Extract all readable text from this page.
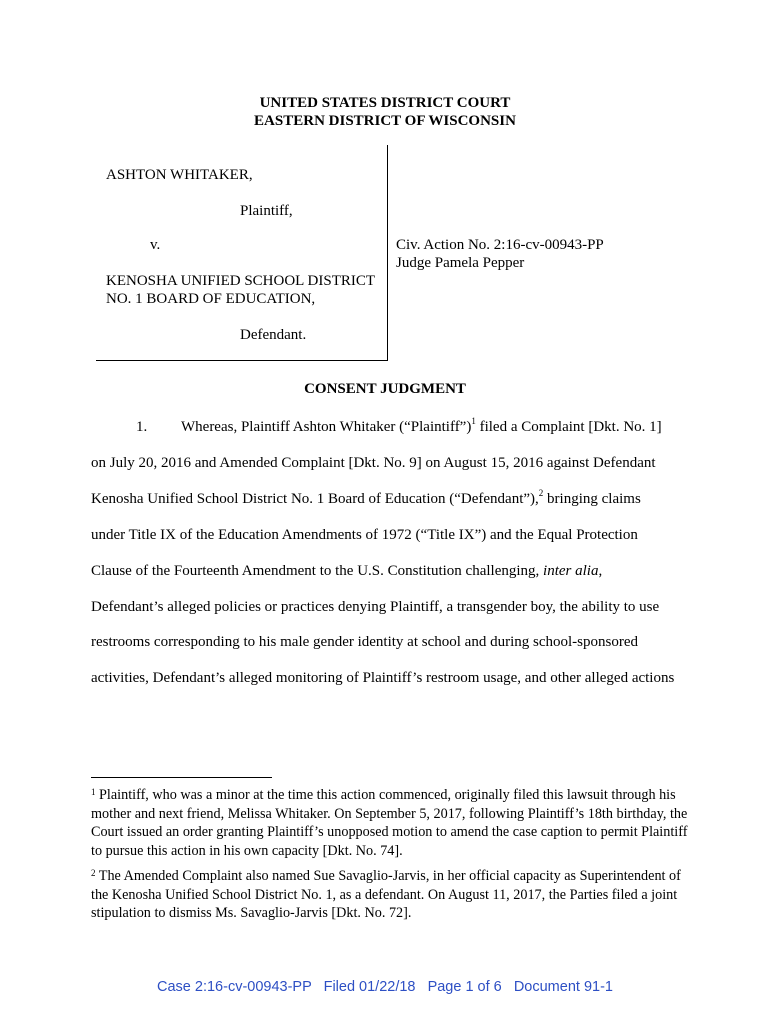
UNITED STATES DISTRICT COURT
EASTERN DISTRICT OF WISCONSIN
ASHTON WHITAKER,
Plaintiff,
v.
KENOSHA UNIFIED SCHOOL DISTRICT
NO. 1 BOARD OF EDUCATION,
Defendant.
Civ. Action No. 2:16-cv-00943-PP
Judge Pamela Pepper
CONSENT JUDGMENT
1. Whereas, Plaintiff Ashton Whitaker (“Plaintiff”)$^1$ filed a Complaint [Dkt. No. 1]
on July 20, 2016 and Amended Complaint [Dkt. No. 9] on August 15, 2016 against Defendant
Kenosha Unified School District No. 1 Board of Education (“Defendant”),$^2$ bringing claims
under Title IX of the Education Amendments of 1972 (“Title IX”) and the Equal Protection
Clause of the Fourteenth Amendment to the U.S. Constitution challenging, inter alia,
Defendant’s alleged policies or practices denying Plaintiff, a transgender boy, the ability to use
restrooms corresponding to his male gender identity at school and during school-sponsored
activities, Defendant’s alleged monitoring of Plaintiff’s restroom usage, and other alleged actions
$^1$ Plaintiff, who was a minor at the time this action commenced, originally filed this lawsuit through his mother and next friend, Melissa Whitaker. On September 5, 2017, following Plaintiff’s 18th birthday, the Court issued an order granting Plaintiff’s unopposed motion to amend the case caption to permit Plaintiff to pursue this action in his own capacity [Dkt. No. 74].
$^2$ The Amended Complaint also named Sue Savaglio-Jarvis, in her official capacity as Superintendent of the Kenosha Unified School District No. 1, as a defendant. On August 11, 2017, the Parties filed a joint stipulation to dismiss Ms. Savaglio-Jarvis [Dkt. No. 72].
Case 2:16-cv-00943-PP   Filed 01/22/18   Page 1 of 6   Document 91-1
